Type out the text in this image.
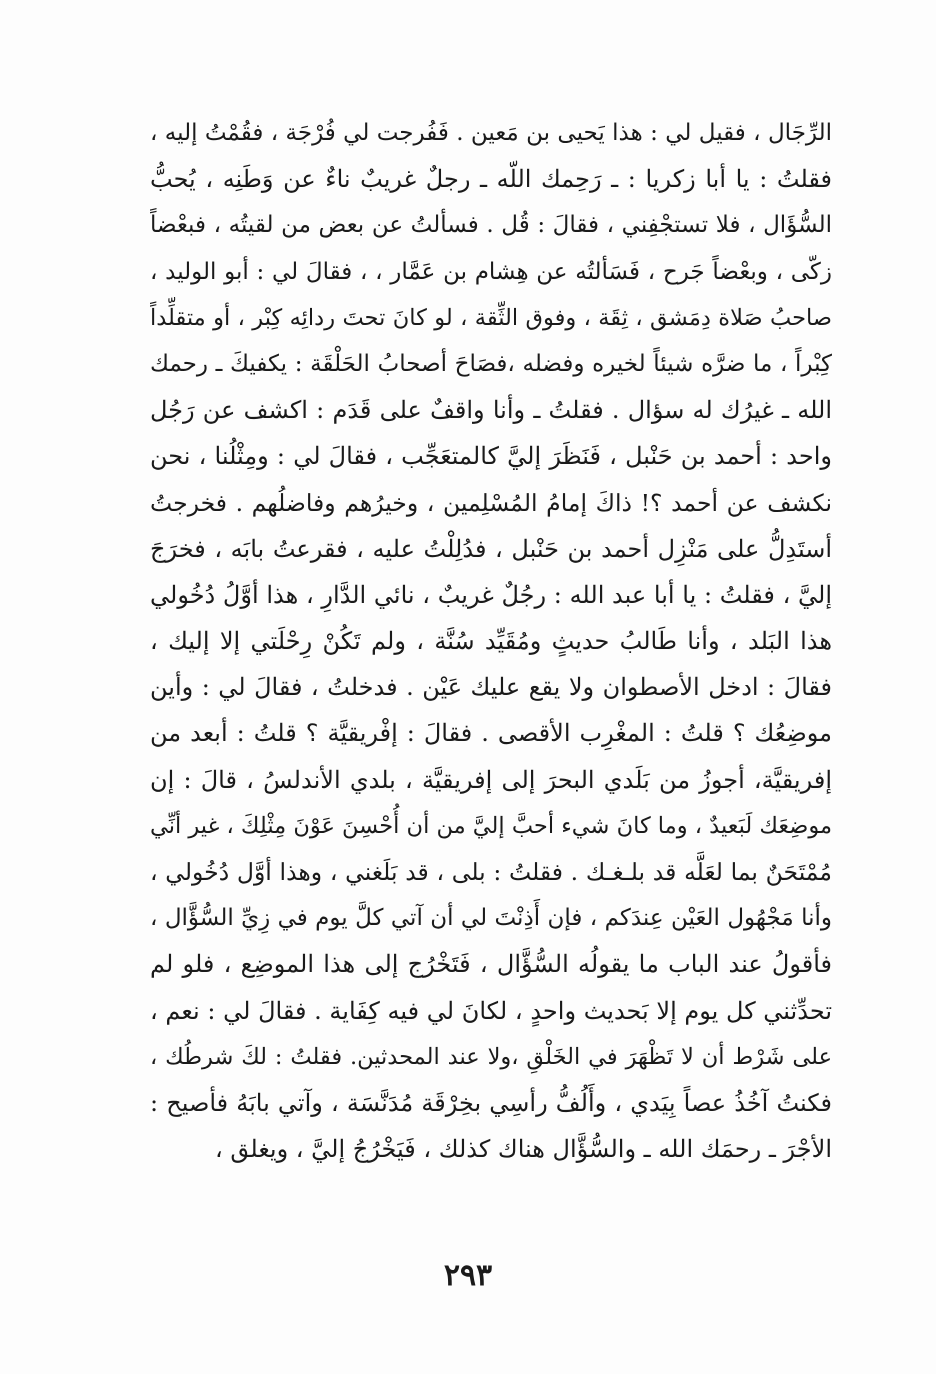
الرِّجَال ، فقيل لي : هذا يَحيى بن مَعين . فَفُرجت لي فُرْجَة ، فقُمْتُ إليه ،
فقلتُ : يا أبا زكريا : ـ رَحِمك اللّه ـ رجلٌ غريبٌ ناءٌ عن وَطَنِه ، يُحبُّ
السُّؤَال ، فلا تستجْفِني ، فقالَ : قُل . فسألتُ عن بعض من لقيتُه ، فبعْضاً
زكّى ، وبعْضاً جَرح ، فَسَألتُه عن هِشام بن عَمَّار ، ، فقالَ لي : أبو الوليد ،
صاحبُ صَلاة دِمَشق ، ثِقَة ، وفوق الثِّقة ، لو كانَ تحتَ ردائِه كِبْر ، أو متقلِّداً
كِبْراً ، ما ضرَّه شيئاً لخيره وفضله ،فصَاحَ أصحابُ الحَلْقَة : يكفيكَ ـ رحمك
الله ـ غيرُك له سؤال . فقلتُ ـ وأنا واقفٌ على قَدَم : اكشف عن رَجُل
واحد : أحمد بن حَنْبل ، فَنَظَرَ إليَّ كالمتعَجِّب ، فقالَ لي : ومِثْلُنا ، نحن
نكشف عن أحمد ؟! ذاكَ إمامُ المُسْلِمين ، وخيرُهم وفاضلُهم . فخرجتُ
أستَدِلُّ على مَنْزِل أحمد بن حَنْبل ، فدُلِلْتُ عليه ، فقرعتُ بابَه ، فخرَجَ
إليَّ ، فقلتُ : يا أبا عبد الله : رجُلٌ غريبٌ ، نائي الدَّارِ ، هذا أوَّلُ دُخُولي
هذا البَلد ، وأنا طَالبُ حديثٍ ومُقَيِّد سُنَّة ، ولم تَكُنْ رِحْلَتي إلا إليك ،
فقالَ : ادخل الأصطوان ولا يقع عليك عَيْن . فدخلتُ ، فقالَ لي : وأين
موضِعُك ؟ قلتُ : المغْرِب الأقصى . فقالَ : إفْريقيَّة ؟ قلتُ : أبعد من
إفريقيَّة، أجوزُ من بَلَدي البحرَ إلى إفريقيَّة ، بلدي الأندلسُ ، قالَ : إن
موضِعَك لَبَعيدٌ ، وما كانَ شيء أحبَّ إليَّ من أن أُحْسِنَ عَوْنَ مِثْلِكَ ، غير أنِّي
مُمْتَحَنٌ بما لعَلَّه قد بلـغـك . فقلتُ : بلى ، قد بَلَغني ، وهذا أوَّل دُخُولي ،
وأنا مَجْهُول العَيْن عِندَكم ، فإن أَذِنْتَ لي أن آتي كلَّ يوم في زِيِّ السُّؤَّال ،
فأقولُ عند الباب ما يقولُه السُّؤَّال ، فَتَخْرُج إلى هذا الموضِع ، فلو لم
تحدِّثني كل يوم إلا بَحديث واحدٍ ، لكانَ لي فيه كِفَاية . فقالَ لي : نعم ،
على شَرْط أن لا تَظْهَرَ في الخَلْقِ ،ولا عند المحدثين. فقلتُ : لكَ شرطُك ،
فكنتُ آخُذُ عصاً بِيَدي ، وأَلُفُّ رأسِي بخِرْقَة مُدَنَّسَة ، وآتي بابَهُ فأصيح :
الأجْرَ ـ رحمَك الله ـ والسُّؤَّال هناك كذلك ، فَيَخْرُجُ إليَّ ، ويغلق ،
٢٩٣
